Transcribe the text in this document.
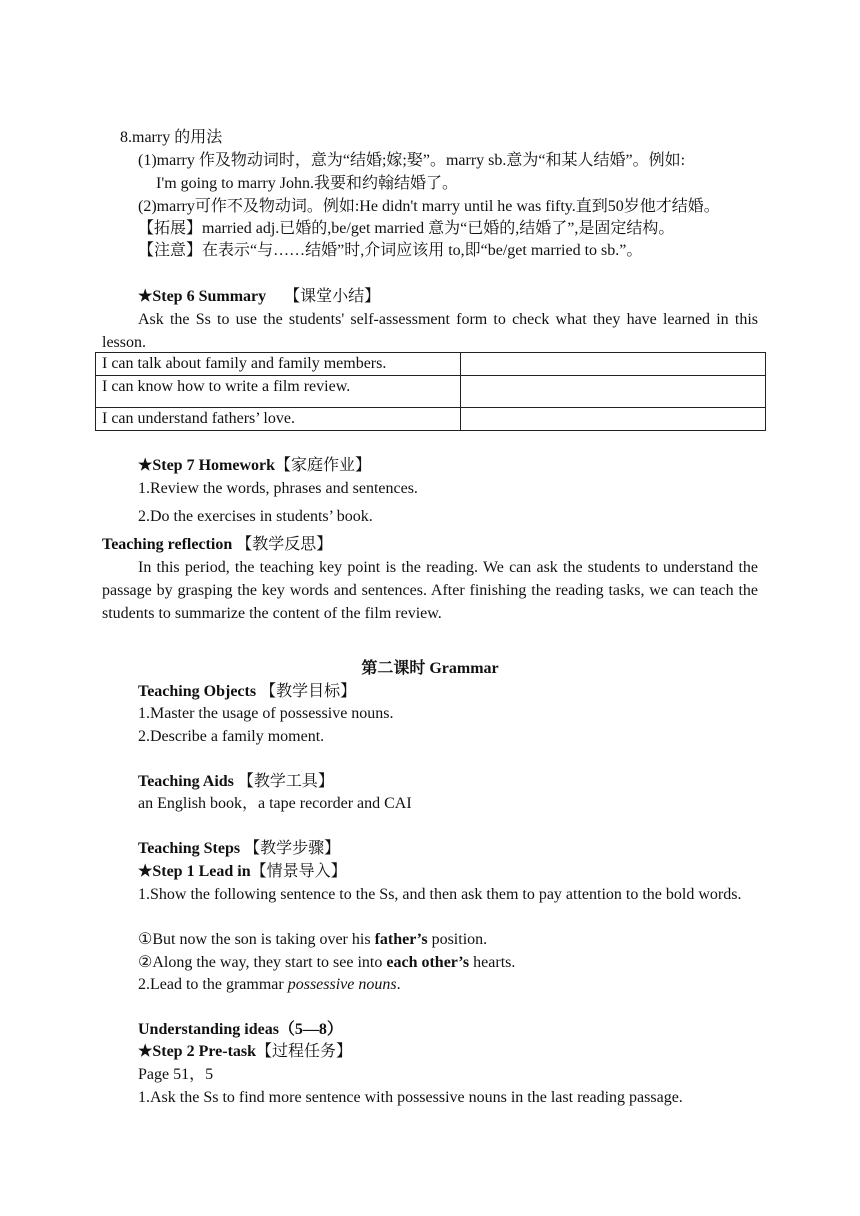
8.marry 的用法
(1)marry 作及物动词时，意为“结婚;嫁;娶”。marry sb.意为“和某人结婚”。例如:
I'm going to marry John.我要和约翰结婚了。
(2)marry可作不及物动词。例如:He didn't marry until he was fifty.直到50岁他才结婚。
【拓展】married adj.已婚的,be/get married 意为“已婚的,结婚了”,是固定结构。
【注意】在表示“与……结婚”时,介词应该用 to,即“be/get married to sb.”。
★Step 6 Summary 【课堂小结】

Ask the Ss to use the students' self-assessment form to check what they have learned in this lesson.

I can talk about family and family members.	
I can know how to write a film review.	
I can understand fathers’ love.	
★Step 7 Homework【家庭作业】
1.Review the words, phrases and sentences.
2.Do the exercises in students’ book.
Teaching reflection 【教学反思】

In this period, the teaching key point is the reading. We can ask the students to understand the passage by grasping the key words and sentences. After finishing the reading tasks, we can teach the students to summarize the content of the film review.

第二课时 Grammar
Teaching Objects 【教学目标】
1.Master the usage of possessive nouns.
2.Describe a family moment.
Teaching Aids 【教学工具】
an English book，a tape recorder and CAI
Teaching Steps 【教学步骤】
★Step 1 Lead in【情景导入】

1.Show the following sentence to the Ss, and then ask them to pay attention to the bold words.

①But now the son is taking over his father’s position.
②Along the way, they start to see into each other’s hearts.
2.Lead to the grammar possessive nouns.
Understanding ideas（5—8）
★Step 2 Pre-task【过程任务】
Page 51，5
1.Ask the Ss to find more sentence with possessive nouns in the last reading passage.
